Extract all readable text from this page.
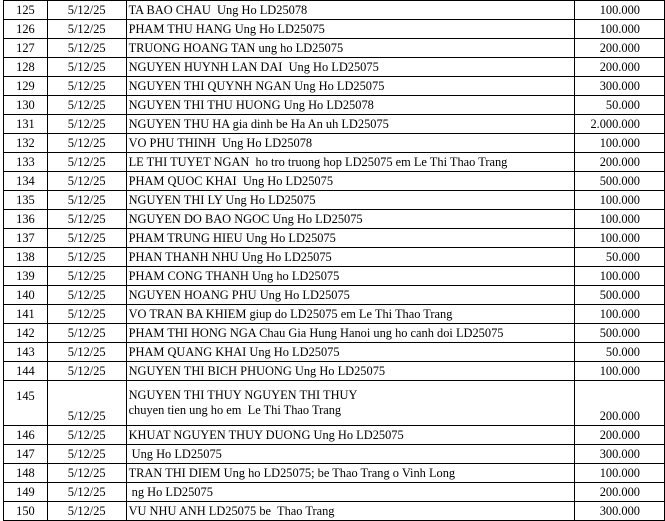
125	5/12/25	TA BAO CHAU  Ung Ho LD25078	100.000
126	5/12/25	PHAM THU HANG Ung Ho LD25075	100.000
127	5/12/25	TRUONG HOANG TAN ung ho LD25075	200.000
128	5/12/25	NGUYEN HUYNH LAN DAI  Ung Ho LD25075	200.000
129	5/12/25	NGUYEN THI QUYNH NGAN Ung Ho LD25075	300.000
130	5/12/25	NGUYEN THI THU HUONG Ung Ho LD25078	50.000
131	5/12/25	NGUYEN THU HA gia dinh be Ha An uh LD25075	2.000.000
132	5/12/25	VO PHU THINH  Ung Ho LD25078	100.000
133	5/12/25	LE THI TUYET NGAN  ho tro truong hop LD25075 em Le Thi Thao Trang	200.000
134	5/12/25	PHAM QUOC KHAI  Ung Ho LD25075	500.000
135	5/12/25	NGUYEN THI LY Ung Ho LD25075	100.000
136	5/12/25	NGUYEN DO BAO NGOC Ung Ho LD25075	100.000
137	5/12/25	PHAM TRUNG HIEU Ung Ho LD25075	100.000
138	5/12/25	PHAN THANH NHU Ung Ho LD25075	50.000
139	5/12/25	PHAM CONG THANH Ung ho LD25075	100.000
140	5/12/25	NGUYEN HOANG PHU Ung Ho LD25075	500.000
141	5/12/25	VO TRAN BA KHIEM giup do LD25075 em Le Thi Thao Trang	100.000
142	5/12/25	PHAM THI HONG NGA Chau Gia Hung Hanoi ung ho canh doi LD25075	500.000
143	5/12/25	PHAM QUANG KHAI Ung Ho LD25075	50.000
144	5/12/25	NGUYEN THI BICH PHUONG Ung Ho LD25075	100.000
145	5/12/25	NGUYEN THI THUY NGUYEN THI THUY
chuyen tien ung ho em  Le Thi Thao Trang	200.000
146	5/12/25	KHUAT NGUYEN THUY DUONG Ung Ho LD25075	200.000
147	5/12/25	Ung Ho LD25075	300.000
148	5/12/25	TRAN THI DIEM Ung ho LD25075; be Thao Trang o Vinh Long	100.000
149	5/12/25	ng Ho LD25075	200.000
150	5/12/25	VU NHU ANH LD25075 be  Thao Trang	300.000
